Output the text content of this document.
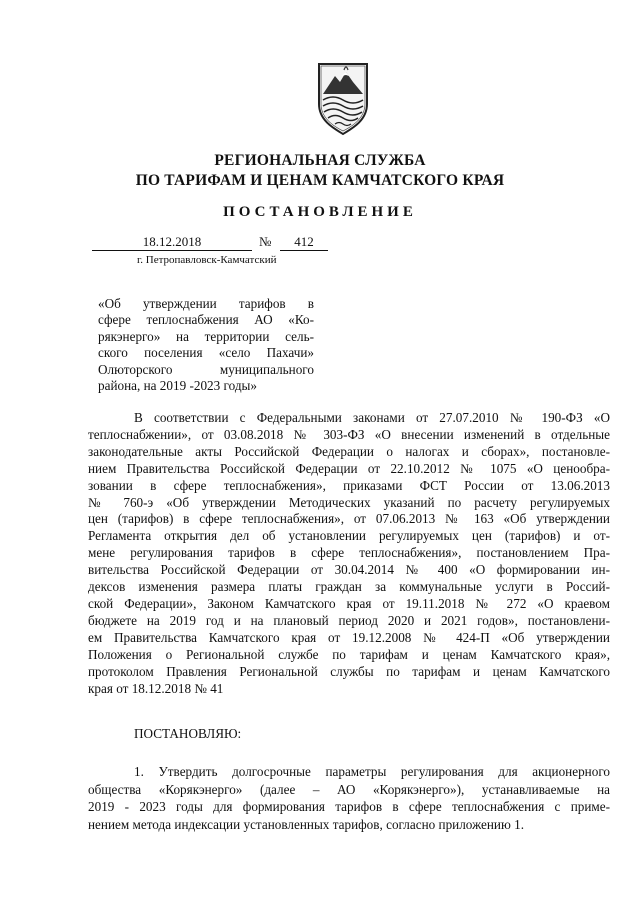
РЕГИОНАЛЬНАЯ СЛУЖБА
ПО ТАРИФАМ И ЦЕНАМ КАМЧАТСКОГО КРАЯ
ПОСТАНОВЛЕНИЕ
18.12.2018	№	412
г. Петропавловск-Камчатский
«Об утверждении тарифов в
сфере теплоснабжения АО «Ко-
рякэнерго» на территории сель-
ского поселения «село Пахачи»
Олюторского муниципального
района, на 2019 -2023 годы»
В соответствии с Федеральными законами от 27.07.2010 № 190-ФЗ «О
теплоснабжении», от 03.08.2018 № 303-ФЗ «О внесении изменений в отдельные
законодательные акты Российской Федерации о налогах и сборах», постановле-
нием Правительства Российской Федерации от 22.10.2012 № 1075 «О ценообра-
зовании в сфере теплоснабжения», приказами ФСТ России от 13.06.2013
№ 760-э «Об утверждении Методических указаний по расчету регулируемых
цен (тарифов) в сфере теплоснабжения», от 07.06.2013 № 163 «Об утверждении
Регламента открытия дел об установлении регулируемых цен (тарифов) и от-
мене регулирования тарифов в сфере теплоснабжения», постановлением Пра-
вительства Российской Федерации от 30.04.2014 № 400 «О формировании ин-
дексов изменения размера платы граждан за коммунальные услуги в Россий-
ской Федерации», Законом Камчатского края от 19.11.2018 № 272 «О краевом
бюджете на 2019 год и на плановый период 2020 и 2021 годов», постановлени-
ем Правительства Камчатского края от 19.12.2008 № 424-П «Об утверждении
Положения о Региональной службе по тарифам и ценам Камчатского края»,
протоколом Правления Региональной службы по тарифам и ценам Камчатского
края от 18.12.2018 № 41
ПОСТАНОВЛЯЮ:
1. Утвердить долгосрочные параметры регулирования для акционерного
общества «Корякэнерго» (далее – АО «Корякэнерго»), устанавливаемые на
2019 - 2023 годы для формирования тарифов в сфере теплоснабжения с приме-
нением метода индексации установленных тарифов, согласно приложению 1.
